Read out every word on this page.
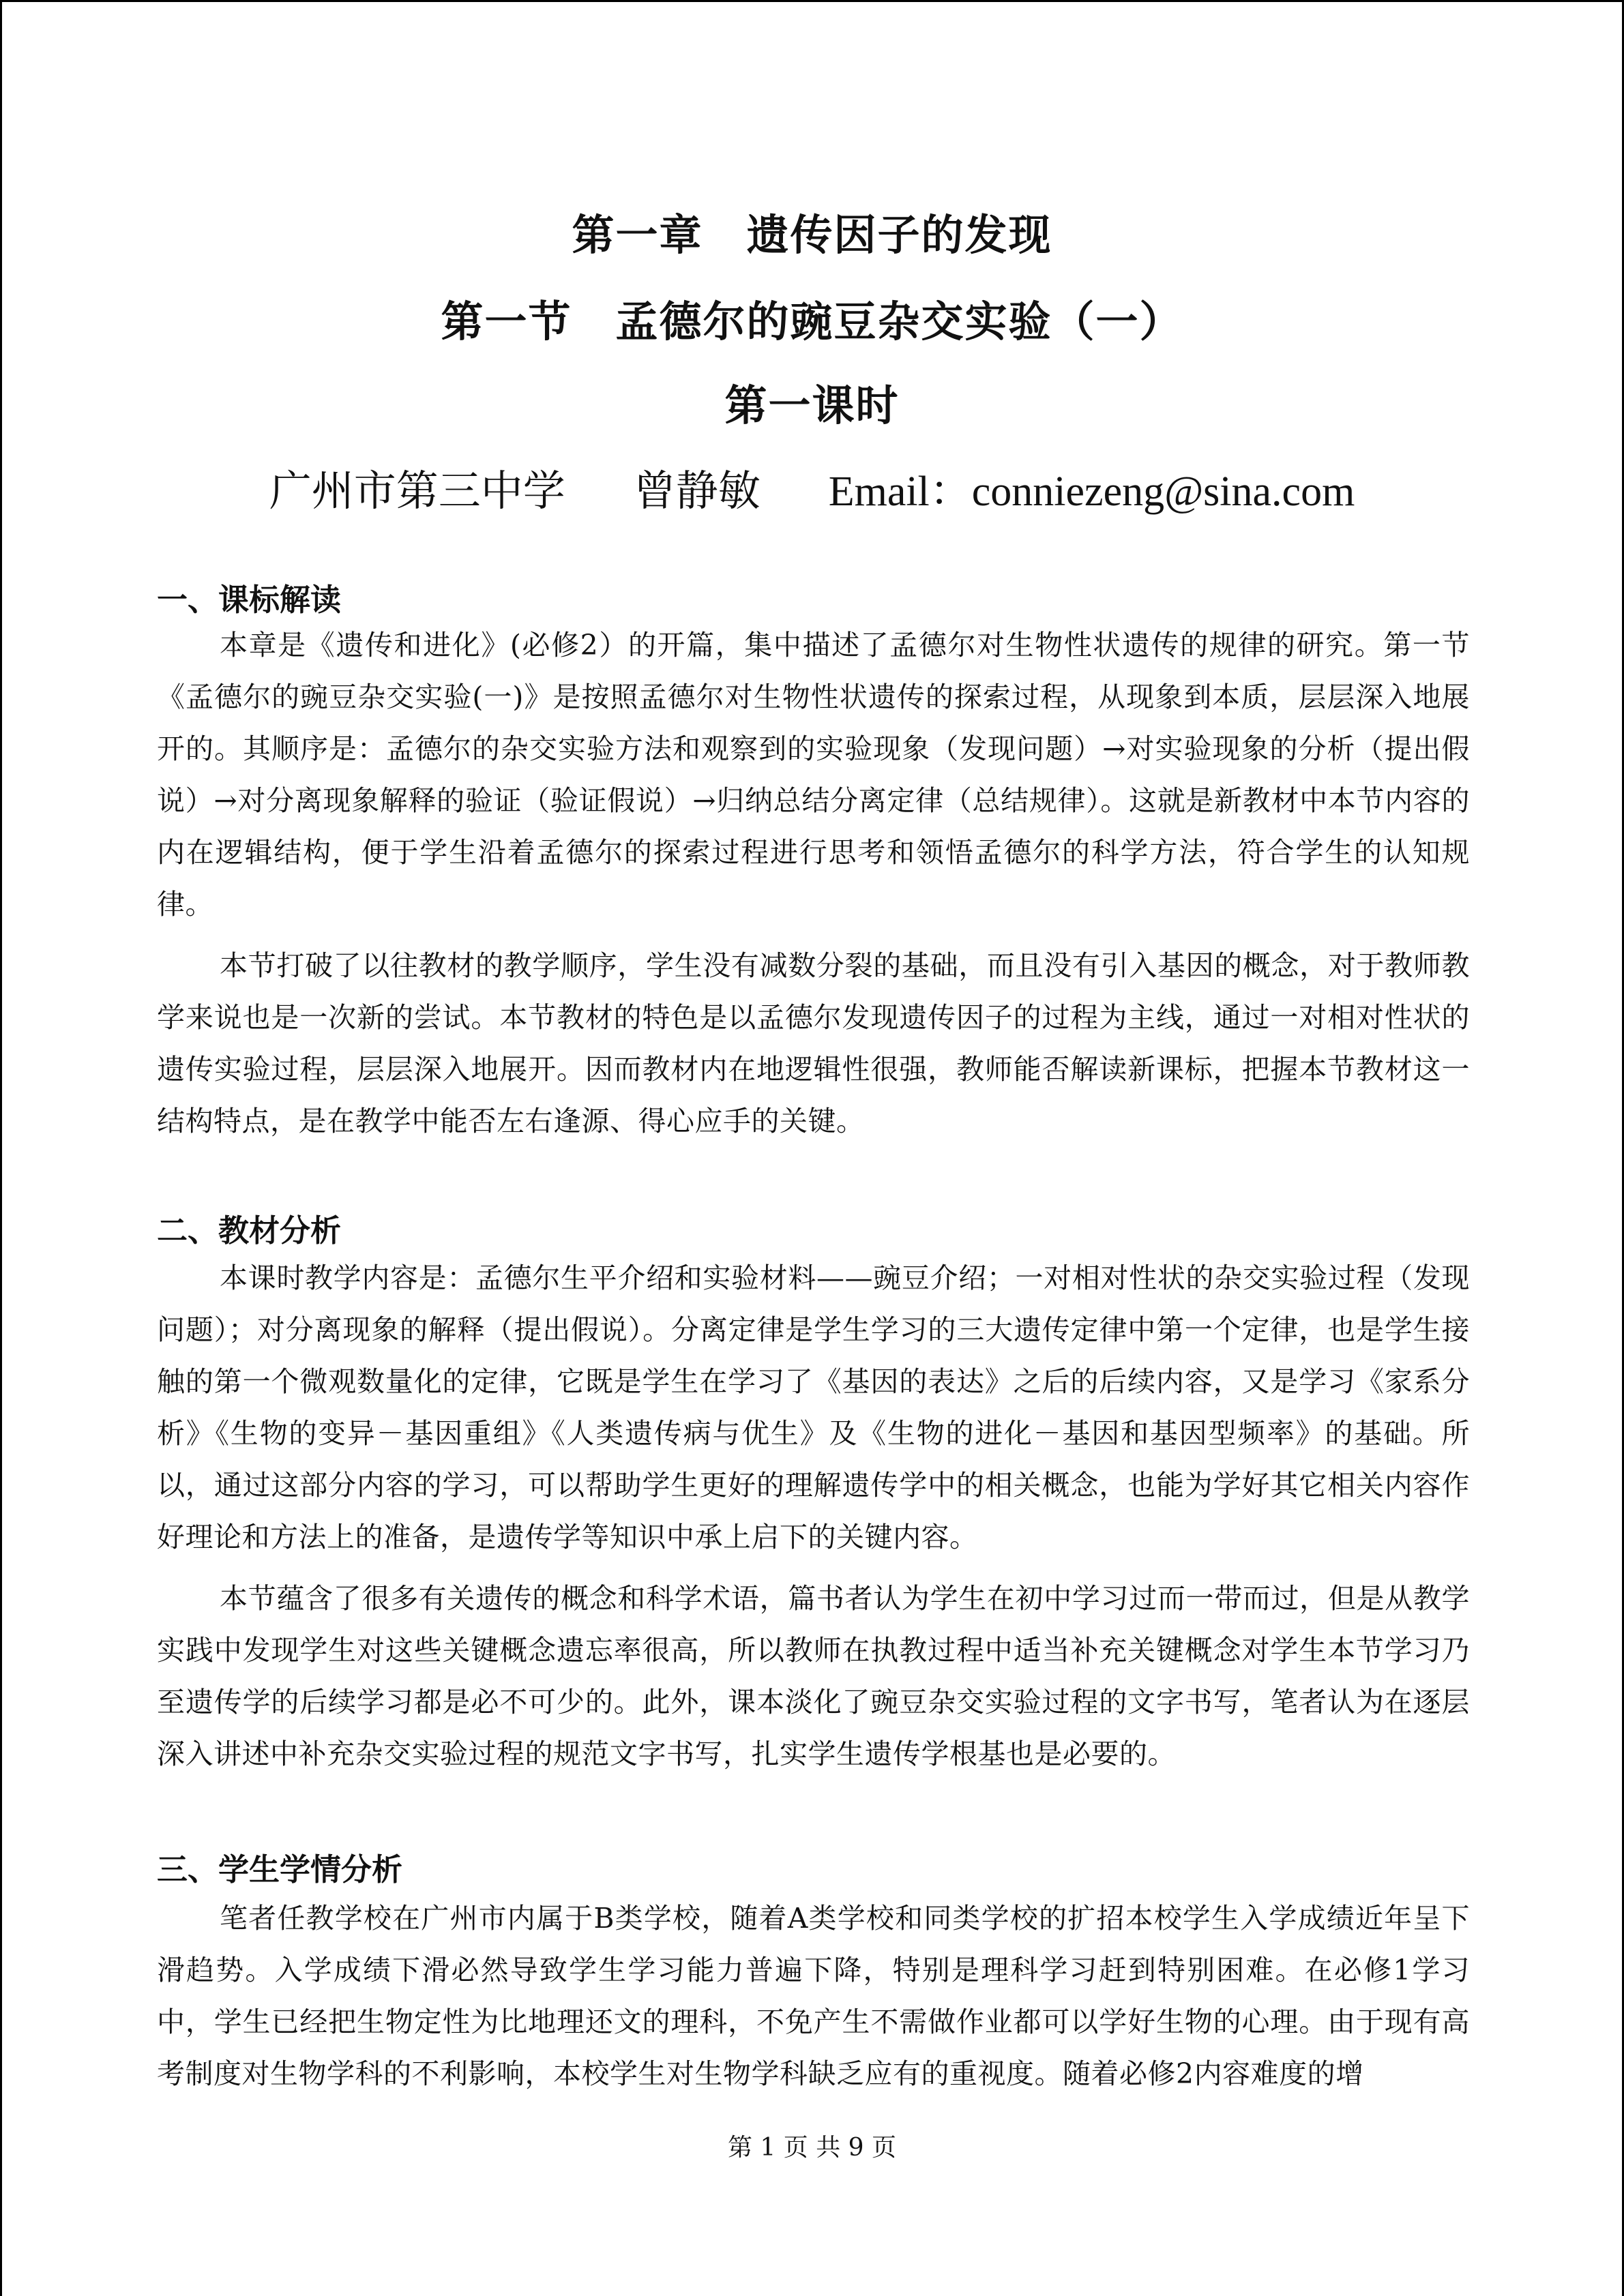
第一章　遗传因子的发现
第一节　孟德尔的豌豆杂交实验（一）
第一课时
广州市第三中学 曾静敏 Email：conniezeng@sina.com
一、课标解读
本章是《遗传和进化》(必修2）的开篇，集中描述了孟德尔对生物性状遗传的规律的研究。第一节《孟德尔的豌豆杂交实验(一)》是按照孟德尔对生物性状遗传的探索过程，从现象到本质，层层深入地展开的。其顺序是：孟德尔的杂交实验方法和观察到的实验现象（发现问题）→对实验现象的分析（提出假说）→对分离现象解释的验证（验证假说）→归纳总结分离定律（总结规律）。这就是新教材中本节内容的内在逻辑结构，便于学生沿着孟德尔的探索过程进行思考和领悟孟德尔的科学方法，符合学生的认知规律。
本节打破了以往教材的教学顺序，学生没有减数分裂的基础，而且没有引入基因的概念，对于教师教学来说也是一次新的尝试。本节教材的特色是以孟德尔发现遗传因子的过程为主线，通过一对相对性状的遗传实验过程，层层深入地展开。因而教材内在地逻辑性很强，教师能否解读新课标，把握本节教材这一结构特点，是在教学中能否左右逢源、得心应手的关键。
二、教材分析
本课时教学内容是：孟德尔生平介绍和实验材料——豌豆介绍；一对相对性状的杂交实验过程（发现问题）；对分离现象的解释（提出假说）。分离定律是学生学习的三大遗传定律中第一个定律，也是学生接触的第一个微观数量化的定律，它既是学生在学习了《基因的表达》之后的后续内容，又是学习《家系分析》《生物的变异－基因重组》《人类遗传病与优生》及《生物的进化－基因和基因型频率》的基础。所以，通过这部分内容的学习，可以帮助学生更好的理解遗传学中的相关概念，也能为学好其它相关内容作好理论和方法上的准备，是遗传学等知识中承上启下的关键内容。
本节蕴含了很多有关遗传的概念和科学术语，篇书者认为学生在初中学习过而一带而过，但是从教学实践中发现学生对这些关键概念遗忘率很高，所以教师在执教过程中适当补充关键概念对学生本节学习乃至遗传学的后续学习都是必不可少的。此外，课本淡化了豌豆杂交实验过程的文字书写，笔者认为在逐层深入讲述中补充杂交实验过程的规范文字书写，扎实学生遗传学根基也是必要的。
三、学生学情分析
笔者任教学校在广州市内属于B类学校，随着A类学校和同类学校的扩招本校学生入学成绩近年呈下滑趋势。入学成绩下滑必然导致学生学习能力普遍下降，特别是理科学习赶到特别困难。在必修1学习中，学生已经把生物定性为比地理还文的理科，不免产生不需做作业都可以学好生物的心理。由于现有高考制度对生物学科的不利影响，本校学生对生物学科缺乏应有的重视度。随着必修2内容难度的增
第 1 页 共 9 页
